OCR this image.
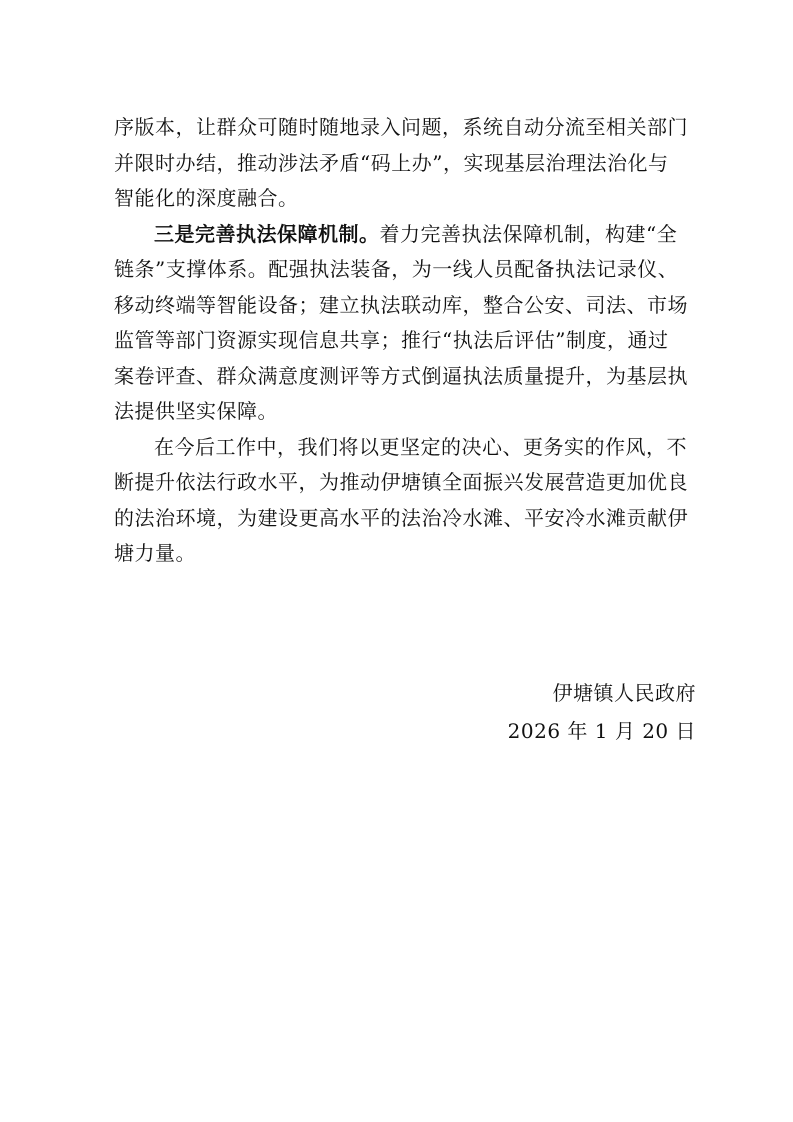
序版本，让群众可随时随地录入问题，系统自动分流至相关部门
并限时办结，推动涉法矛盾“码上办”，实现基层治理法治化与
智能化的深度融合。

三是完善执法保障机制。着力完善执法保障机制，构建“全
链条”支撑体系。配强执法装备，为一线人员配备执法记录仪、
移动终端等智能设备；建立执法联动库，整合公安、司法、市场
监管等部门资源实现信息共享；推行“执法后评估”制度，通过
案卷评查、群众满意度测评等方式倒逼执法质量提升，为基层执
法提供坚实保障。

在今后工作中，我们将以更坚定的决心、更务实的作风，不
断提升依法行政水平，为推动伊塘镇全面振兴发展营造更加优良
的法治环境，为建设更高水平的法治冷水滩、平安冷水滩贡献伊
塘力量。

伊塘镇人民政府
2026 年 1 月 20 日
